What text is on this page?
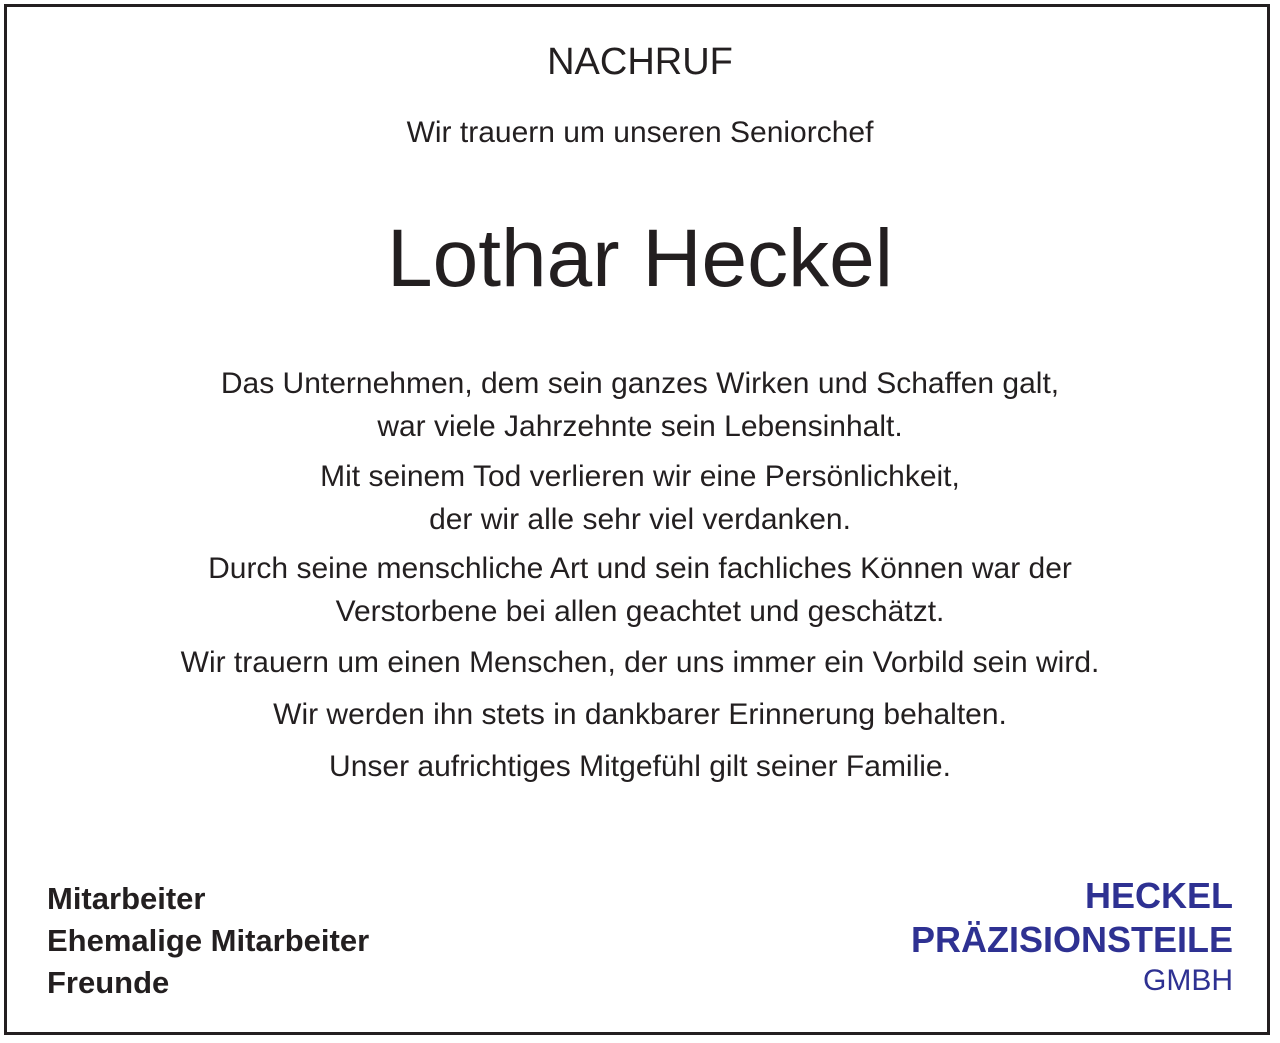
NACHRUF
Wir trauern um unseren Seniorchef
Lothar Heckel
Das Unternehmen, dem sein ganzes Wirken und Schaffen galt,
war viele Jahrzehnte sein Lebensinhalt.
Mit seinem Tod verlieren wir eine Persönlichkeit,
der wir alle sehr viel verdanken.
Durch seine menschliche Art und sein fachliches Können war der
Verstorbene bei allen geachtet und geschätzt.
Wir trauern um einen Menschen, der uns immer ein Vorbild sein wird.
Wir werden ihn stets in dankbarer Erinnerung behalten.
Unser aufrichtiges Mitgefühl gilt seiner Familie.
Mitarbeiter
Ehemalige Mitarbeiter
Freunde
HECKEL
PRÄZISIONSTEILE
GMBH
